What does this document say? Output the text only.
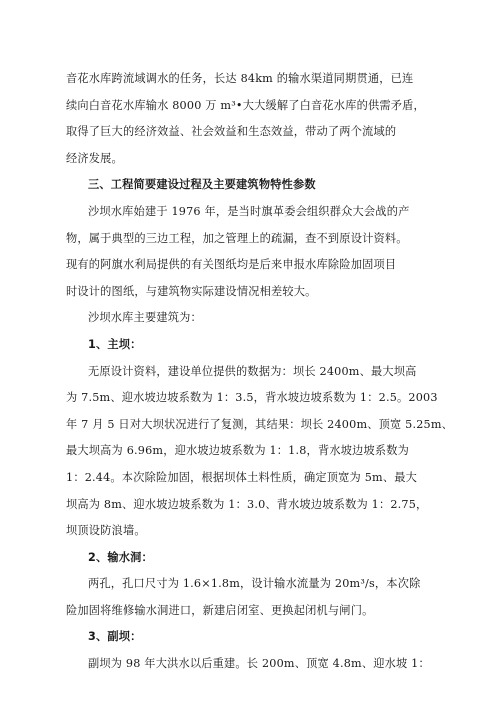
音花水库跨流域调水的任务，长达 84km 的输水渠道同期贯通，已连
续向白音花水库输水 8000 万 m³•大大缓解了白音花水库的供需矛盾，
取得了巨大的经济效益、社会效益和生态效益，带动了两个流域的
经济发展。

三、工程简要建设过程及主要建筑物特性参数

沙坝水库始建于 1976 年，是当时旗革委会组织群众大会战的产
物，属于典型的三边工程，加之管理上的疏漏，查不到原设计资料。
现有的阿旗水利局提供的有关图纸均是后来申报水库除险加固项目
时设计的图纸，与建筑物实际建设情况相差较大。

沙坝水库主要建筑为：

1、主坝：

无原设计资料，建设单位提供的数据为：坝长 2400m、最大坝高
为 7.5m、迎水坡边坡系数为 1：3.5，背水坡边坡系数为 1：2.5。2003
年 7 月 5 日对大坝状况进行了复测，其结果：坝长 2400m、顶宽 5.25m、
最大坝高为 6.96m，迎水坡边坡系数为 1：1.8，背水坡边坡系数为
1：2.44。本次除险加固，根据坝体土料性质，确定顶宽为 5m、最大
坝高为 8m、迎水坡边坡系数为 1：3.0、背水坡边坡系数为 1：2.75，
坝顶设防浪墙。

2、输水洞：

两孔，孔口尺寸为 1.6×1.8m，设计输水流量为 20m³/s，本次除
险加固将维修输水洞进口，新建启闭室、更换起闭机与闸门。

3、副坝：

副坝为 98 年大洪水以后重建。长 200m、顶宽 4.8m、迎水坡 1：
